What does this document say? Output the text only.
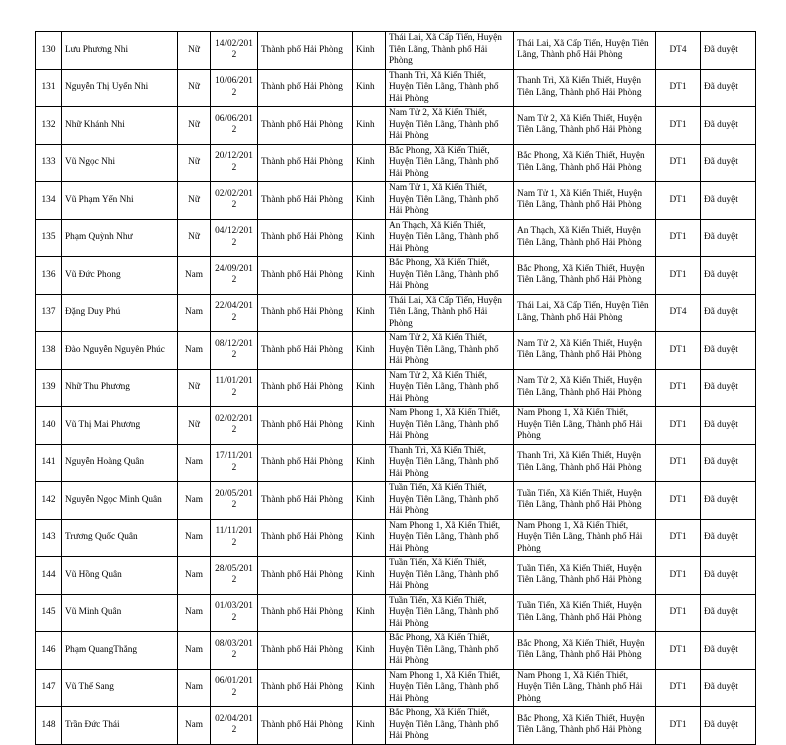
130	Lưu Phương Nhi	Nữ	14/02/2012	Thành phố Hải Phòng	Kinh	Thái Lai, Xã Cấp Tiến, Huyện Tiên Lãng, Thành phố Hải Phòng	Thái Lai, Xã Cấp Tiến, Huyện Tiên Lãng, Thành phố Hải Phòng	DT4	Đã duyệt
131	Nguyễn Thị Uyển Nhi	Nữ	10/06/2012	Thành phố Hải Phòng	Kinh	Thanh Trì, Xã Kiến Thiết, Huyện Tiên Lãng, Thành phố Hải Phòng	Thanh Trì, Xã Kiến Thiết, Huyện Tiên Lãng, Thành phố Hải Phòng	DT1	Đã duyệt
132	Nhữ Khánh Nhi	Nữ	06/06/2012	Thành phố Hải Phòng	Kinh	Nam Tử 2, Xã Kiến Thiết, Huyện Tiên Lãng, Thành phố Hải Phòng	Nam Tử 2, Xã Kiến Thiết, Huyện Tiên Lãng, Thành phố Hải Phòng	DT1	Đã duyệt
133	Vũ Ngọc Nhi	Nữ	20/12/2012	Thành phố Hải Phòng	Kinh	Bắc Phong, Xã Kiến Thiết, Huyện Tiên Lãng, Thành phố Hải Phòng	Bắc Phong, Xã Kiến Thiết, Huyện Tiên Lãng, Thành phố Hải Phòng	DT1	Đã duyệt
134	Vũ Phạm Yến Nhi	Nữ	02/02/2012	Thành phố Hải Phòng	Kinh	Nam Tử 1, Xã Kiến Thiết, Huyện Tiên Lãng, Thành phố Hải Phòng	Nam Tử 1, Xã Kiến Thiết, Huyện Tiên Lãng, Thành phố Hải Phòng	DT1	Đã duyệt
135	Phạm Quỳnh Như	Nữ	04/12/2012	Thành phố Hải Phòng	Kinh	An Thạch, Xã Kiến Thiết, Huyện Tiên Lãng, Thành phố Hải Phòng	An Thạch, Xã Kiến Thiết, Huyện Tiên Lãng, Thành phố Hải Phòng	DT1	Đã duyệt
136	Vũ Đức Phong	Nam	24/09/2012	Thành phố Hải Phòng	Kinh	Bắc Phong, Xã Kiến Thiết, Huyện Tiên Lãng, Thành phố Hải Phòng	Bắc Phong, Xã Kiến Thiết, Huyện Tiên Lãng, Thành phố Hải Phòng	DT1	Đã duyệt
137	Đặng Duy Phú	Nam	22/04/2012	Thành phố Hải Phòng	Kinh	Thái Lai, Xã Cấp Tiến, Huyện Tiên Lãng, Thành phố Hải Phòng	Thái Lai, Xã Cấp Tiến, Huyện Tiên Lãng, Thành phố Hải Phòng	DT4	Đã duyệt
138	Đào Nguyễn Nguyên Phúc	Nam	08/12/2012	Thành phố Hải Phòng	Kinh	Nam Tử 2, Xã Kiến Thiết, Huyện Tiên Lãng, Thành phố Hải Phòng	Nam Tử 2, Xã Kiến Thiết, Huyện Tiên Lãng, Thành phố Hải Phòng	DT1	Đã duyệt
139	Nhữ Thu Phương	Nữ	11/01/2012	Thành phố Hải Phòng	Kinh	Nam Tử 2, Xã Kiến Thiết, Huyện Tiên Lãng, Thành phố Hải Phòng	Nam Tử 2, Xã Kiến Thiết, Huyện Tiên Lãng, Thành phố Hải Phòng	DT1	Đã duyệt
140	Vũ Thị Mai Phương	Nữ	02/02/2012	Thành phố Hải Phòng	Kinh	Nam Phong 1, Xã Kiến Thiết, Huyện Tiên Lãng, Thành phố Hải Phòng	Nam Phong 1, Xã Kiến Thiết, Huyện Tiên Lãng, Thành phố Hải Phòng	DT1	Đã duyệt
141	Nguyễn Hoàng Quân	Nam	17/11/2012	Thành phố Hải Phòng	Kinh	Thanh Trì, Xã Kiến Thiết, Huyện Tiên Lãng, Thành phố Hải Phòng	Thanh Trì, Xã Kiến Thiết, Huyện Tiên Lãng, Thành phố Hải Phòng	DT1	Đã duyệt
142	Nguyễn Ngọc Minh Quân	Nam	20/05/2012	Thành phố Hải Phòng	Kinh	Tuần Tiến, Xã Kiến Thiết, Huyện Tiên Lãng, Thành phố Hải Phòng	Tuần Tiến, Xã Kiến Thiết, Huyện Tiên Lãng, Thành phố Hải Phòng	DT1	Đã duyệt
143	Trương Quốc Quân	Nam	11/11/2012	Thành phố Hải Phòng	Kinh	Nam Phong 1, Xã Kiến Thiết, Huyện Tiên Lãng, Thành phố Hải Phòng	Nam Phong 1, Xã Kiến Thiết, Huyện Tiên Lãng, Thành phố Hải Phòng	DT1	Đã duyệt
144	Vũ Hồng Quân	Nam	28/05/2012	Thành phố Hải Phòng	Kinh	Tuần Tiến, Xã Kiến Thiết, Huyện Tiên Lãng, Thành phố Hải Phòng	Tuần Tiến, Xã Kiến Thiết, Huyện Tiên Lãng, Thành phố Hải Phòng	DT1	Đã duyệt
145	Vũ Minh Quân	Nam	01/03/2012	Thành phố Hải Phòng	Kinh	Tuần Tiến, Xã Kiến Thiết, Huyện Tiên Lãng, Thành phố Hải Phòng	Tuần Tiến, Xã Kiến Thiết, Huyện Tiên Lãng, Thành phố Hải Phòng	DT1	Đã duyệt
146	Phạm QuangThắng	Nam	08/03/2012	Thành phố Hải Phòng	Kinh	Bắc Phong, Xã Kiến Thiết, Huyện Tiên Lãng, Thành phố Hải Phòng	Bắc Phong, Xã Kiến Thiết, Huyện Tiên Lãng, Thành phố Hải Phòng	DT1	Đã duyệt
147	Vũ Thế Sang	Nam	06/01/2012	Thành phố Hải Phòng	Kinh	Nam Phong 1, Xã Kiến Thiết, Huyện Tiên Lãng, Thành phố Hải Phòng	Nam Phong 1, Xã Kiến Thiết, Huyện Tiên Lãng, Thành phố Hải Phòng	DT1	Đã duyệt
148	Trần Đức Thái	Nam	02/04/2012	Thành phố Hải Phòng	Kinh	Bắc Phong, Xã Kiến Thiết, Huyện Tiên Lãng, Thành phố Hải Phòng	Bắc Phong, Xã Kiến Thiết, Huyện Tiên Lãng, Thành phố Hải Phòng	DT1	Đã duyệt
